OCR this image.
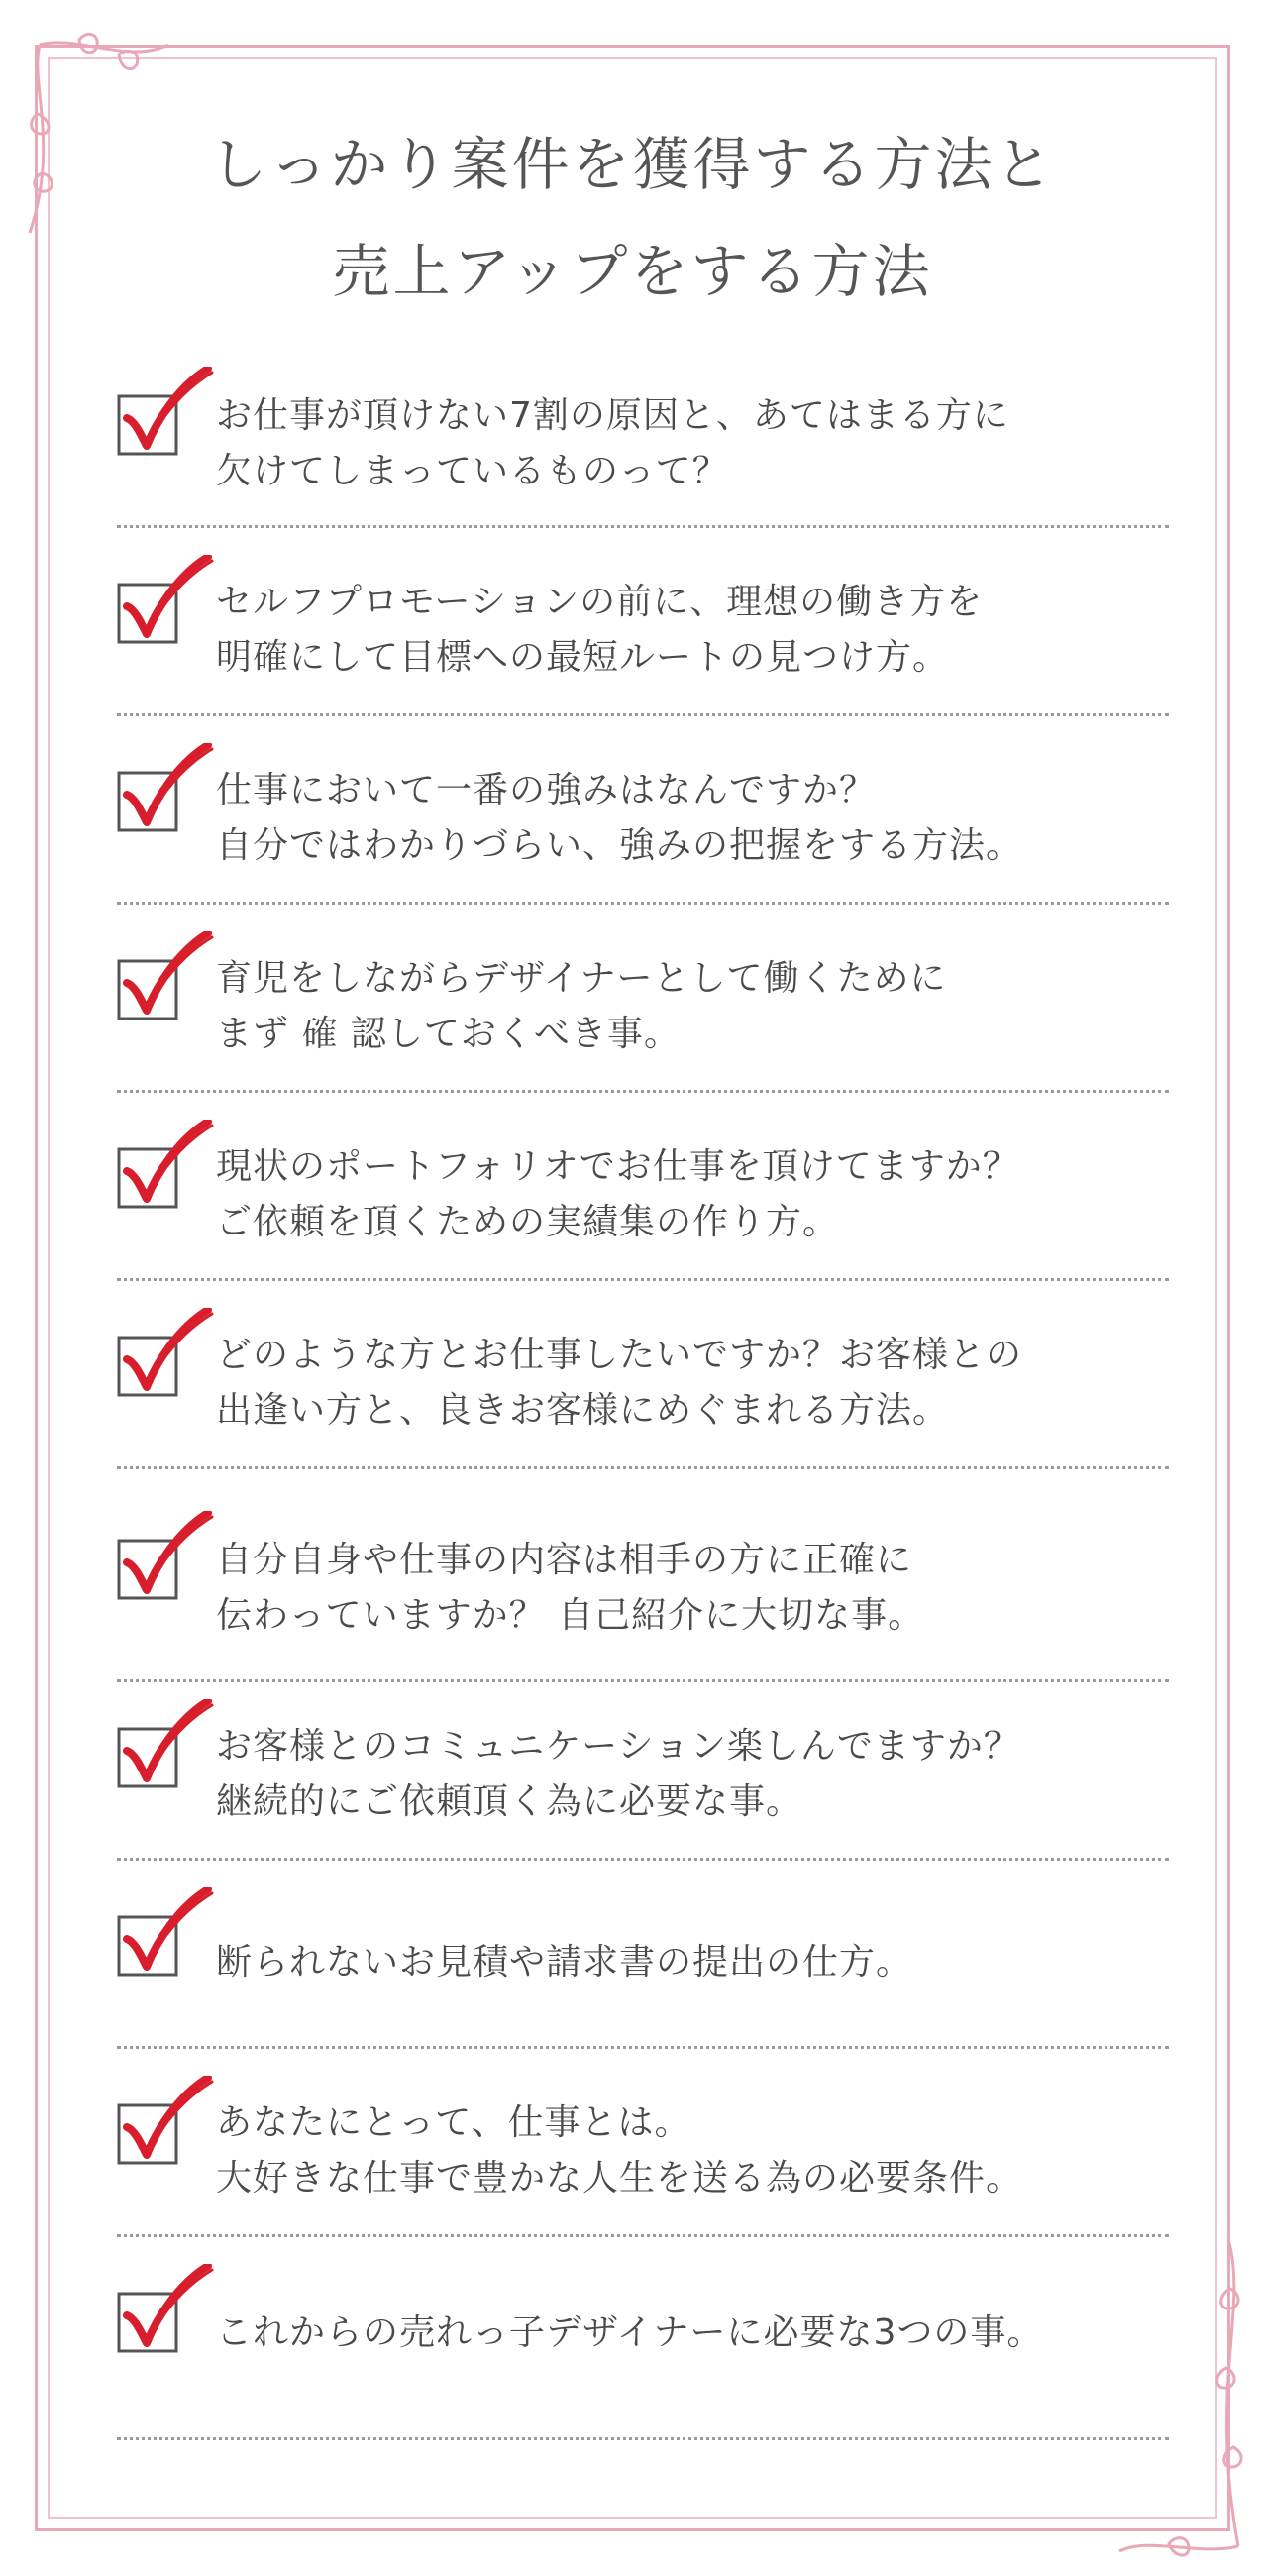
しっかり案件を獲得する方法と
売上アップをする方法
お仕事が頂けない7割の原因と、あてはまる方に
欠けてしまっているものって？
セルフプロモーションの前に、理想の働き方を
明確にして目標への最短ルートの見つけ方。
仕事において一番の強みはなんですか？
自分ではわかりづらい、強みの把握をする方法。
育児をしながらデザイナーとして働くために
まず 確 認しておくべき事。
現状のポートフォリオでお仕事を頂けてますか？
ご依頼を頂くための実績集の作り方。
どのような方とお仕事したいですか？お客様との
出逢い方と、良きお客様にめぐまれる方法。
自分自身や仕事の内容は相手の方に正確に
伝わっていますか？ 自己紹介に大切な事。
お客様とのコミュニケーション楽しんでますか？
継続的にご依頼頂く為に必要な事。
断られないお見積や請求書の提出の仕方。
あなたにとって、仕事とは。
大好きな仕事で豊かな人生を送る為の必要条件。
これからの売れっ子デザイナーに必要な3つの事。
